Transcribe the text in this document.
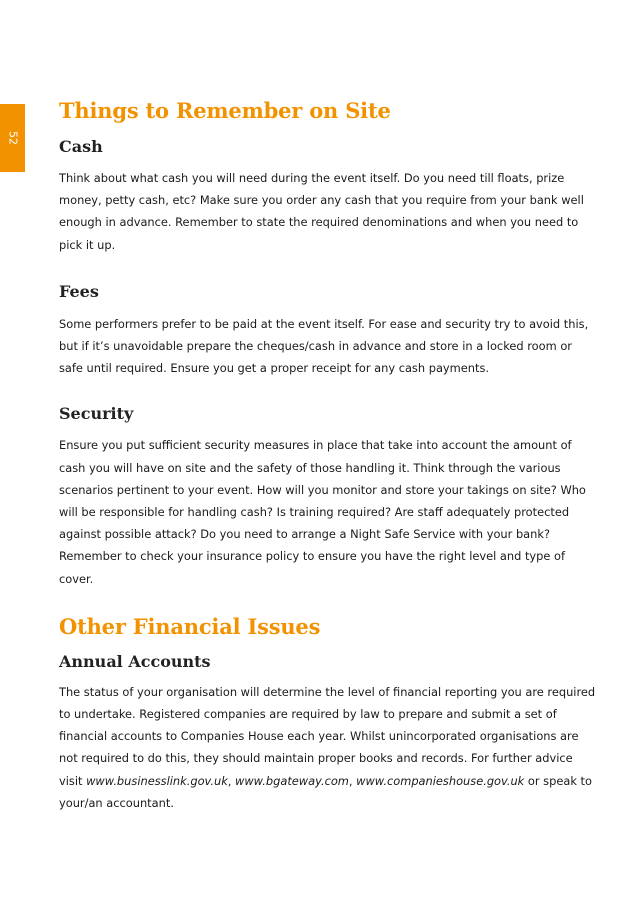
52
Things to Remember on Site
Cash

Think about what cash you will need during the event itself. Do you need till floats, prize money, petty cash, etc? Make sure you order any cash that you require from your bank well enough in advance. Remember to state the required denominations and when you need to pick it up.

Fees

Some performers prefer to be paid at the event itself. For ease and security try to avoid this, but if it’s unavoidable prepare the cheques/cash in advance and store in a locked room or safe until required. Ensure you get a proper receipt for any cash payments.

Security

Ensure you put sufficient security measures in place that take into account the amount of cash you will have on site and the safety of those handling it. Think through the various scenarios pertinent to your event. How will you monitor and store your takings on site? Who will be responsible for handling cash? Is training required? Are staff adequately protected against possible attack? Do you need to arrange a Night Safe Service with your bank? Remember to check your insurance policy to ensure you have the right level and type of cover.

Other Financial Issues
Annual Accounts

The status of your organisation will determine the level of financial reporting you are required to undertake. Registered companies are required by law to prepare and submit a set of financial accounts to Companies House each year. Whilst unincorporated organisations are not required to do this, they should maintain proper books and records. For further advice visit www.businesslink.gov.uk, www.bgateway.com, www.companieshouse.gov.uk or speak to your/an accountant.
